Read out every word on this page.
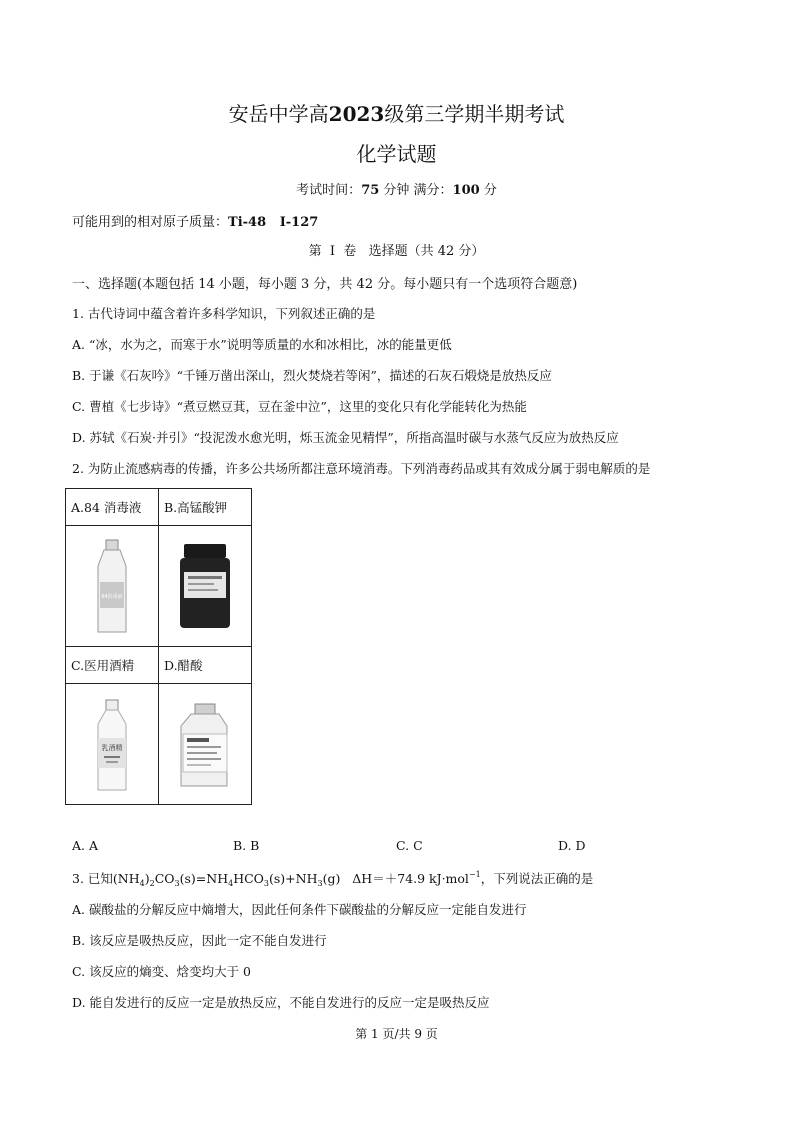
安岳中学高2023级第三学期半期考试
化学试题
考试时间：75 分钟 满分：100 分
可能用到的相对原子质量：Ti-48   I-127
第  Ⅰ  卷   选择题（共 42 分）
一、选择题(本题包括 14 小题，每小题 3 分，共 42 分。每小题只有一个选项符合题意)
1. 古代诗词中蕴含着许多科学知识，下列叙述正确的是
A. “冰，水为之，而寒于水”说明等质量的水和冰相比，冰的能量更低
B. 于谦《石灰吟》“千锤万凿出深山，烈火焚烧若等闲”，描述的石灰石煅烧是放热反应
C. 曹植《七步诗》“煮豆燃豆萁，豆在釜中泣”，这里的变化只有化学能转化为热能
D. 苏轼《石炭·并引》“投泥泼水愈光明，烁玉流金见精悍”，所指高温时碳与水蒸气反应为放热反应
2. 为防止流感病毒的传播，许多公共场所都注意环境消毒。下列消毒药品或其有效成分属于弱电解质的是
A.84 消毒液	B.高锰酸钾

84消毒液

C.医用酒精	D.醋酸

乳酒精

A. A	B. B	C. C	D. D
3. 已知$(NH_4)_2CO_3(s)=NH_4HCO_3(s)+NH_3(g)$   ΔH＝＋74.9 kJ·mol$^{-1}$，下列说法正确的是
A. 碳酸盐的分解反应中熵增大，因此任何条件下碳酸盐的分解反应一定能自发进行
B. 该反应是吸热反应，因此一定不能自发进行
C. 该反应的熵变、焓变均大于 0
D. 能自发进行的反应一定是放热反应，不能自发进行的反应一定是吸热反应
第 1 页/共 9 页
